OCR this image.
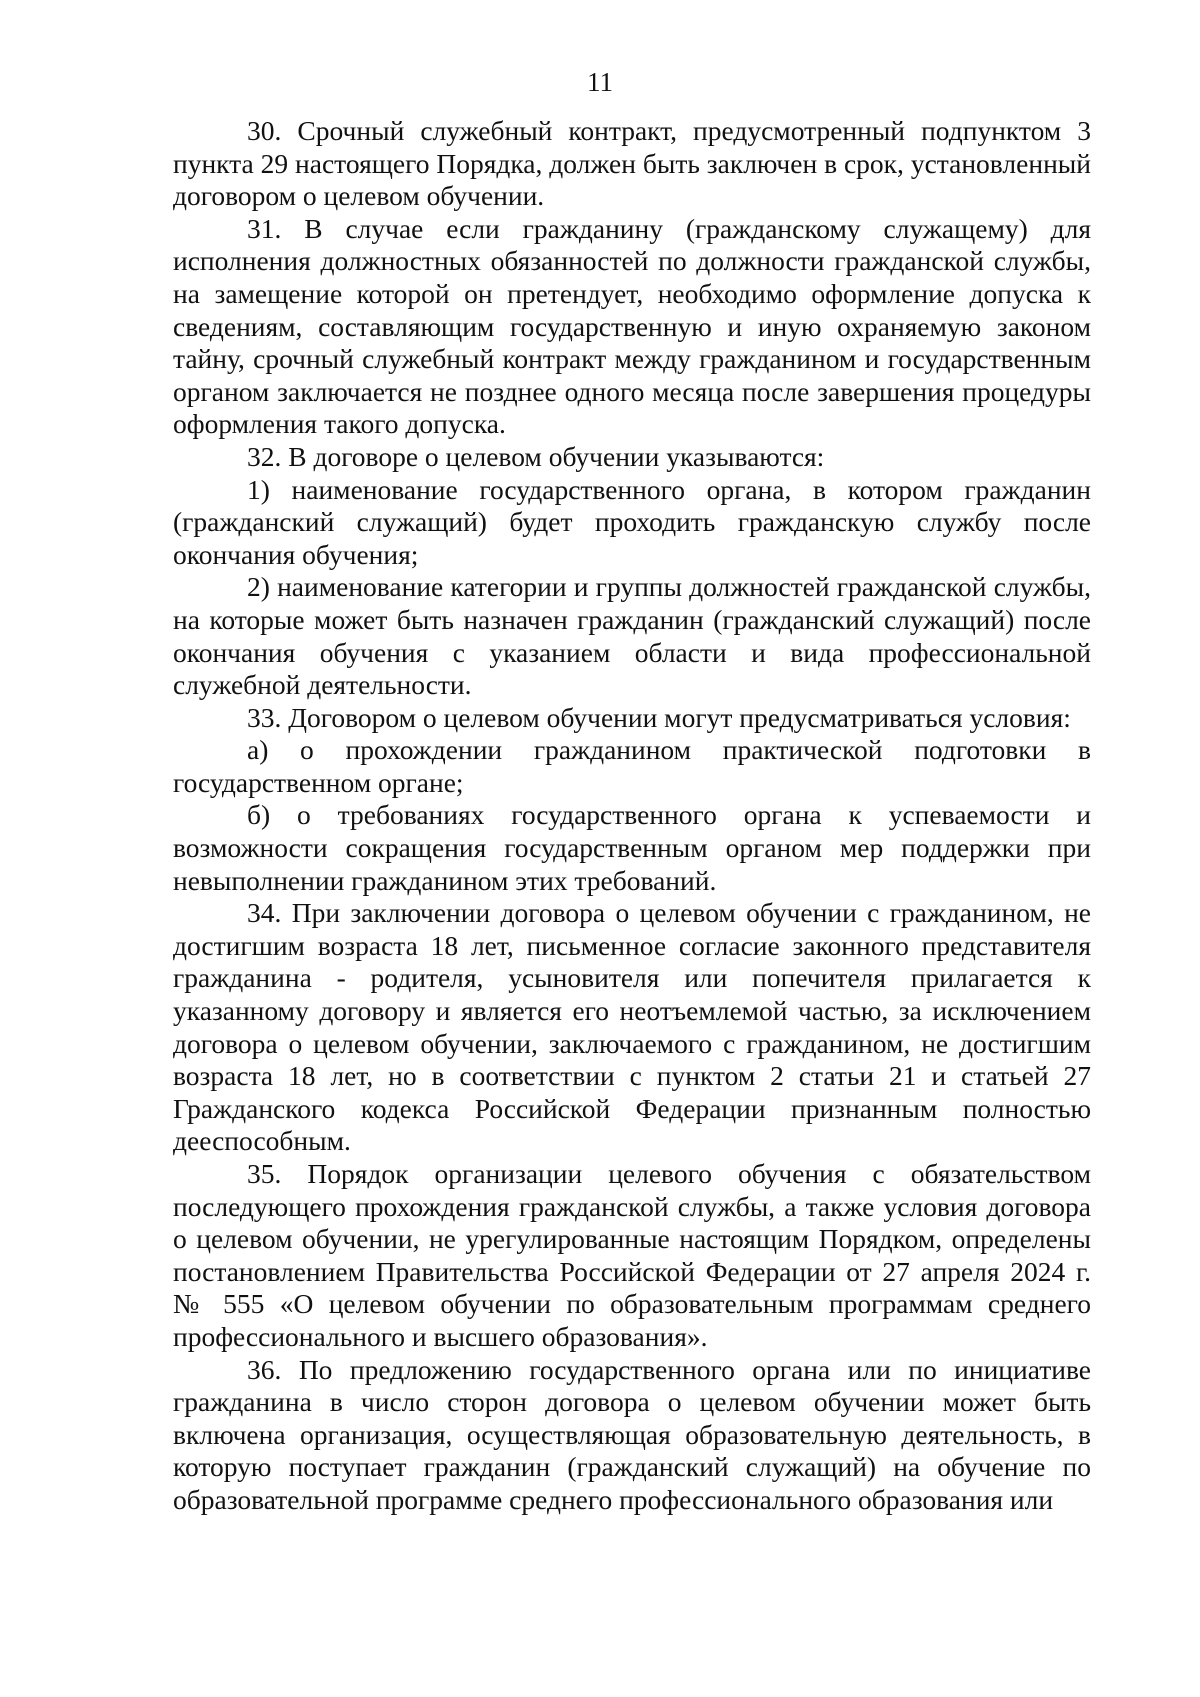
11

30. Срочный служебный контракт, предусмотренный подпунктом 3 пункта 29 настоящего Порядка, должен быть заключен в срок, установленный договором о целевом обучении.

31. В случае если гражданину (гражданскому служащему) для исполнения должностных обязанностей по должности гражданской службы, на замещение которой он претендует, необходимо оформление допуска к сведениям, составляющим государственную и иную охраняемую законом тайну, срочный служебный контракт между гражданином и государственным органом заключается не позднее одного месяца после завершения процедуры оформления такого допуска.

32. В договоре о целевом обучении указываются:

1) наименование государственного органа, в котором гражданин (гражданский служащий) будет проходить гражданскую службу после окончания обучения;

2) наименование категории и группы должностей гражданской службы, на которые может быть назначен гражданин (гражданский служащий) после окончания обучения с указанием области и вида профессиональной служебной деятельности.

33. Договором о целевом обучении могут предусматриваться условия:

а) о прохождении гражданином практической подготовки в государственном органе;

б) о требованиях государственного органа к успеваемости и возможности сокращения государственным органом мер поддержки при невыполнении гражданином этих требований.

34. При заключении договора о целевом обучении с гражданином, не достигшим возраста 18 лет, письменное согласие законного представителя гражданина - родителя, усыновителя или попечителя прилагается к указанному договору и является его неотъемлемой частью, за исключением договора о целевом обучении, заключаемого с гражданином, не достигшим возраста 18 лет, но в соответствии с пунктом 2 статьи 21 и статьей 27 Гражданского кодекса Российской Федерации признанным полностью дееспособным.

35. Порядок организации целевого обучения с обязательством последующего прохождения гражданской службы, а также условия договора о целевом обучении, не урегулированные настоящим Порядком, определены постановлением Правительства Российской Федерации от 27 апреля 2024 г. № 555 «О целевом обучении по образовательным программам среднего профессионального и высшего образования».

36. По предложению государственного органа или по инициативе гражданина в число сторон договора о целевом обучении может быть включена организация, осуществляющая образовательную деятельность, в которую поступает гражданин (гражданский служащий) на обучение по образовательной программе среднего профессионального образования или
